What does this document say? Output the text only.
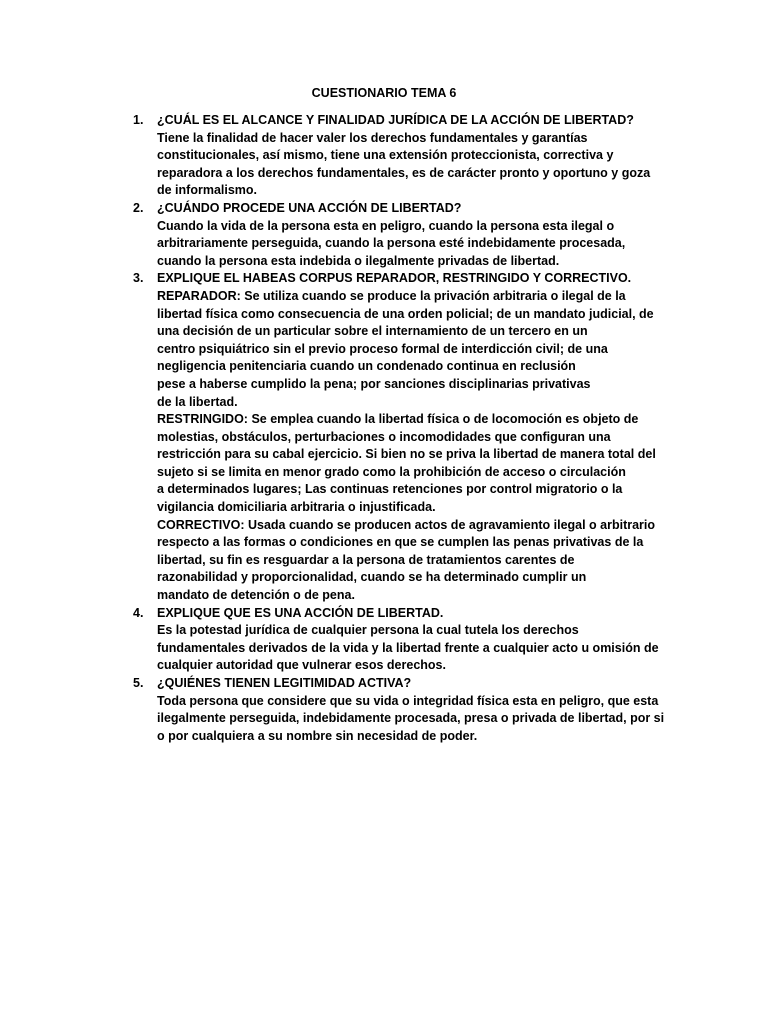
CUESTIONARIO TEMA 6
1. ¿CUÁL ES EL ALCANCE Y FINALIDAD JURÍDICA DE LA ACCIÓN DE LIBERTAD?
Tiene la finalidad de hacer valer los derechos fundamentales y garantías
constitucionales, así mismo, tiene una extensión proteccionista, correctiva y
reparadora a los derechos fundamentales, es de carácter pronto y oportuno y goza
de informalismo.
2. ¿CUÁNDO PROCEDE UNA ACCIÓN DE LIBERTAD?
Cuando la vida de la persona esta en peligro, cuando la persona esta ilegal o
arbitrariamente perseguida, cuando la persona esté indebidamente procesada,
cuando la persona esta indebida o ilegalmente privadas de libertad.
3. EXPLIQUE EL HABEAS CORPUS REPARADOR, RESTRINGIDO Y CORRECTIVO.
REPARADOR: Se utiliza cuando se produce la privación arbitraria o ilegal de la
libertad física como consecuencia de una orden policial; de un mandato judicial, de
una decisión de un particular sobre el internamiento de un tercero en un
centro psiquiátrico sin el previo proceso formal de interdicción civil; de una
negligencia penitenciaria cuando un condenado continua en reclusión
pese a haberse cumplido la pena; por sanciones disciplinarias privativas
de la libertad.
RESTRINGIDO: Se emplea cuando la libertad física o de locomoción es objeto de
molestias, obstáculos, perturbaciones o incomodidades que configuran una
restricción para su cabal ejercicio. Si bien no se priva la libertad de manera total del
sujeto si se limita en menor grado como la prohibición de acceso o circulación
a determinados lugares; Las continuas retenciones por control migratorio o la
vigilancia domiciliaria arbitraria o injustificada.
CORRECTIVO: Usada cuando se producen actos de agravamiento ilegal o arbitrario
respecto a las formas o condiciones en que se cumplen las penas privativas de la
libertad, su fin es resguardar a la persona de tratamientos carentes de
razonabilidad y proporcionalidad, cuando se ha determinado cumplir un
mandato de detención o de pena.
4. EXPLIQUE QUE ES UNA ACCIÓN DE LIBERTAD.
Es la potestad jurídica de cualquier persona la cual tutela los derechos
fundamentales derivados de la vida y la libertad frente a cualquier acto u omisión de
cualquier autoridad que vulnerar esos derechos.
5. ¿QUIÉNES TIENEN LEGITIMIDAD ACTIVA?
Toda persona que considere que su vida o integridad física esta en peligro, que esta
ilegalmente perseguida, indebidamente procesada, presa o privada de libertad, por si
o por cualquiera a su nombre sin necesidad de poder.
